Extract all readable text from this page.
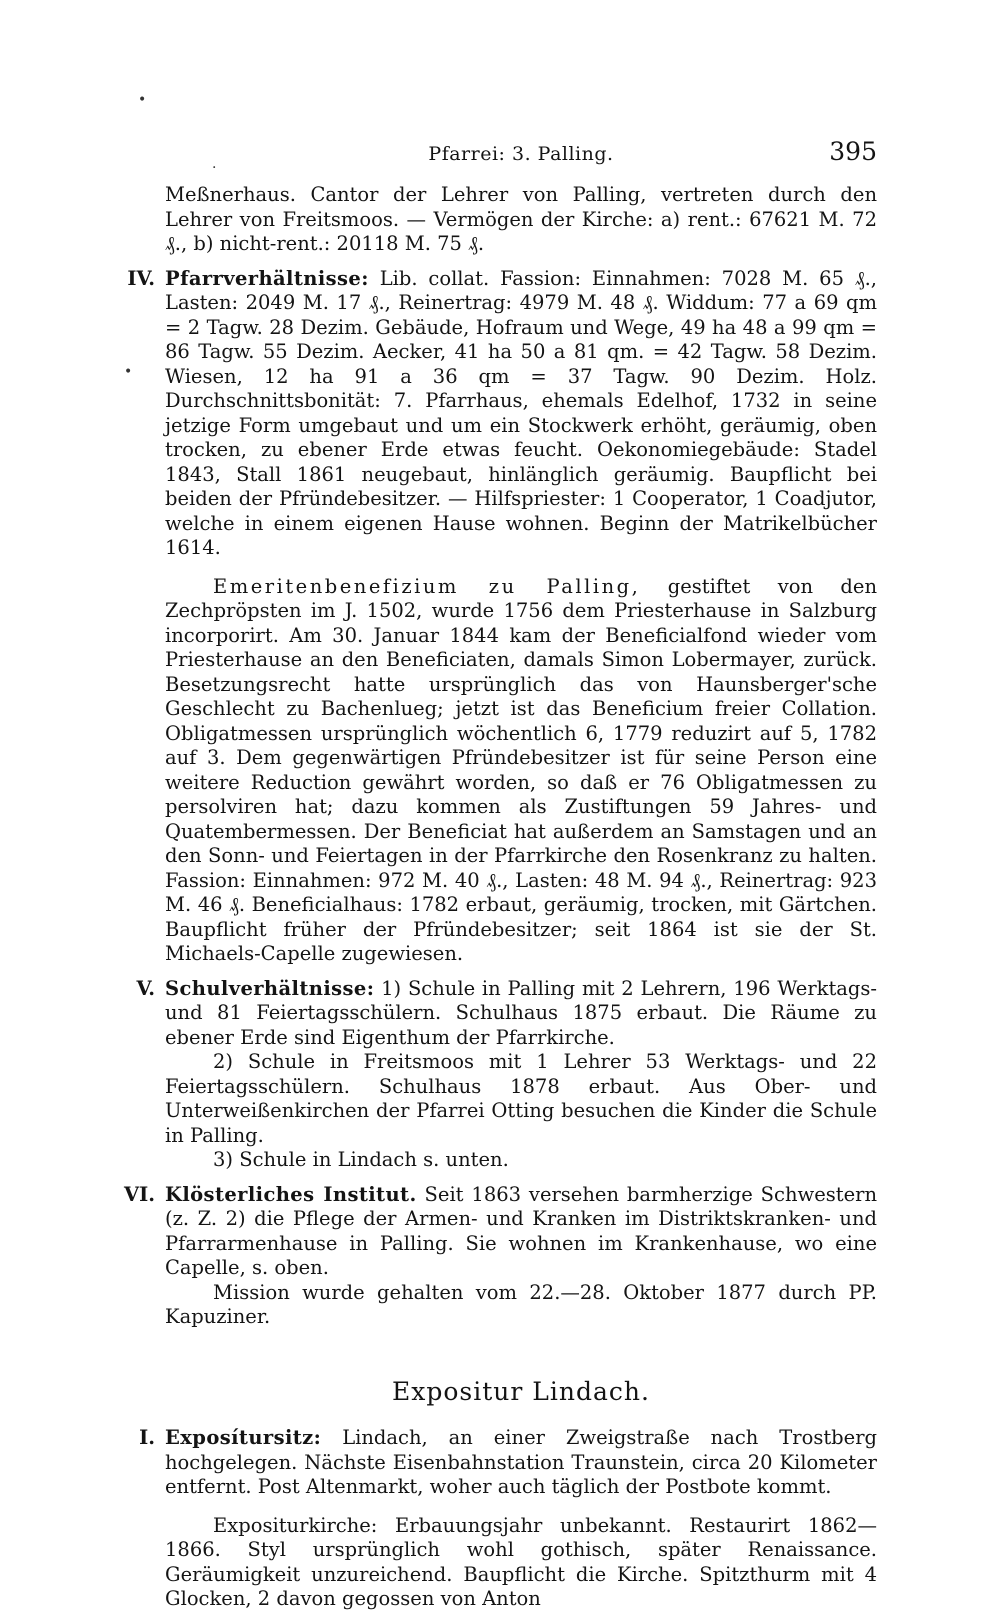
•
·
•
Pfarrei: 3. Palling.	395

Meßnerhaus. Cantor der Lehrer von Palling, vertreten durch den Lehrer von Freitsmoos. — Vermögen der Kirche: a) rent.: 67621 M. 72 ₰., b) nicht-rent.: 20118 M. 75 ₰.

IV. Pfarrverhältnisse: Lib. collat. Fassion: Einnahmen: 7028 M. 65 ₰., Lasten: 2049 M. 17 ₰., Reinertrag: 4979 M. 48 ₰. Widdum: 77 a 69 qm = 2 Tagw. 28 Dezim. Gebäude, Hofraum und Wege, 49 ha 48 a 99 qm = 86 Tagw. 55 Dezim. Aecker, 41 ha 50 a 81 qm. = 42 Tagw. 58 Dezim. Wiesen, 12 ha 91 a 36 qm = 37 Tagw. 90 Dezim. Holz. Durchschnittsbonität: 7. Pfarrhaus, ehemals Edelhof, 1732 in seine jetzige Form umgebaut und um ein Stockwerk erhöht, geräumig, oben trocken, zu ebener Erde etwas feucht. Oekonomiegebäude: Stadel 1843, Stall 1861 neugebaut, hinlänglich geräumig. Baupflicht bei beiden der Pfründebesitzer. — Hilfspriester: 1 Cooperator, 1 Coadjutor, welche in einem eigenen Hause wohnen. Beginn der Matrikelbücher 1614.

Emeritenbenefizium zu Palling, gestiftet von den Zechpröpsten im J. 1502, wurde 1756 dem Priesterhause in Salzburg incorporirt. Am 30. Januar 1844 kam der Beneficialfond wieder vom Priesterhause an den Beneficiaten, damals Simon Lobermayer, zurück. Besetzungsrecht hatte ursprünglich das von Haunsberger'sche Geschlecht zu Bachenlueg; jetzt ist das Beneficium freier Collation. Obligatmessen ursprünglich wöchentlich 6, 1779 reduzirt auf 5, 1782 auf 3. Dem gegenwärtigen Pfründebesitzer ist für seine Person eine weitere Reduction gewährt worden, so daß er 76 Obligatmessen zu persolviren hat; dazu kommen als Zustiftungen 59 Jahres- und Quatembermessen. Der Beneficiat hat außerdem an Samstagen und an den Sonn- und Feiertagen in der Pfarrkirche den Rosenkranz zu halten. Fassion: Einnahmen: 972 M. 40 ₰., Lasten: 48 M. 94 ₰., Reinertrag: 923 M. 46 ₰. Beneficialhaus: 1782 erbaut, geräumig, trocken, mit Gärtchen. Baupflicht früher der Pfründebesitzer; seit 1864 ist sie der St. Michaels-Capelle zugewiesen.

V. Schulverhältnisse: 1) Schule in Palling mit 2 Lehrern, 196 Werktags- und 81 Feiertagsschülern. Schulhaus 1875 erbaut. Die Räume zu ebener Erde sind Eigenthum der Pfarrkirche.

2) Schule in Freitsmoos mit 1 Lehrer 53 Werktags- und 22 Feiertagsschülern. Schulhaus 1878 erbaut. Aus Ober- und Unterweißenkirchen der Pfarrei Otting besuchen die Kinder die Schule in Palling.

3) Schule in Lindach s. unten.

VI. Klösterliches Institut. Seit 1863 versehen barmherzige Schwestern (z. Z. 2) die Pflege der Armen- und Kranken im Distriktskranken- und Pfarrarmenhause in Palling. Sie wohnen im Krankenhause, wo eine Capelle, s. oben.

Mission wurde gehalten vom 22.—28. Oktober 1877 durch PP. Kapuziner.

Expositur Lindach.
I. Exposítursitz: Lindach, an einer Zweigstraße nach Trostberg hochgelegen. Nächste Eisenbahnstation Traunstein, circa 20 Kilometer entfernt. Post Altenmarkt, woher auch täglich der Postbote kommt.

Expositurkirche: Erbauungsjahr unbekannt. Restaurirt 1862—1866. Styl ursprünglich wohl gothisch, später Renaissance. Geräumigkeit unzureichend. Baupflicht die Kirche. Spitzthurm mit 4 Glocken, 2 davon gegossen von Anton
